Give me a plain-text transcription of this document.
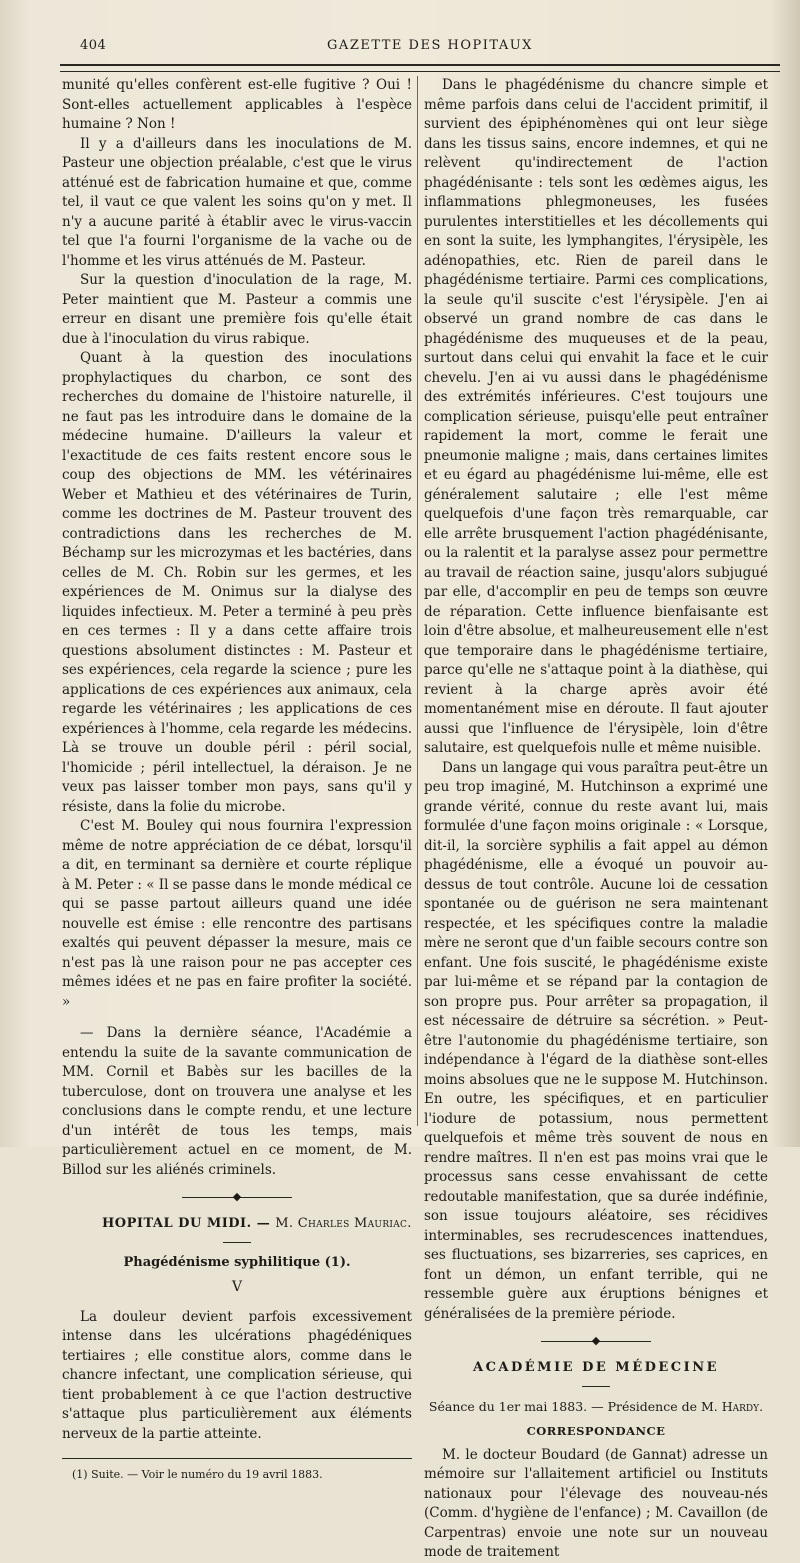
404	GAZETTE DES HOPITAUX

munité qu'elles confèrent est-elle fugitive ? Oui ! Sont-elles actuellement applicables à l'espèce humaine ? Non !

Il y a d'ailleurs dans les inoculations de M. Pasteur une objection préalable, c'est que le virus atténué est de fabrication humaine et que, comme tel, il vaut ce que valent les soins qu'on y met. Il n'y a aucune parité à établir avec le virus-vaccin tel que l'a fourni l'organisme de la vache ou de l'homme et les virus atténués de M. Pasteur.

Sur la question d'inoculation de la rage, M. Peter maintient que M. Pasteur a commis une erreur en disant une première fois qu'elle était due à l'inoculation du virus rabique.

Quant à la question des inoculations prophylactiques du charbon, ce sont des recherches du domaine de l'histoire naturelle, il ne faut pas les introduire dans le domaine de la médecine humaine. D'ailleurs la valeur et l'exactitude de ces faits restent encore sous le coup des objections de MM. les vétérinaires Weber et Mathieu et des vétérinaires de Turin, comme les doctrines de M. Pasteur trouvent des contradictions dans les recherches de M. Béchamp sur les microzymas et les bactéries, dans celles de M. Ch. Robin sur les germes, et les expériences de M. Onimus sur la dialyse des liquides infectieux. M. Peter a terminé à peu près en ces termes : Il y a dans cette affaire trois questions absolument distinctes : M. Pasteur et ses expériences, cela regarde la science ; pure les applications de ces expériences aux animaux, cela regarde les vétérinaires ; les applications de ces expériences à l'homme, cela regarde les médecins. Là se trouve un double péril : péril social, l'homicide ; péril intellectuel, la déraison. Je ne veux pas laisser tomber mon pays, sans qu'il y résiste, dans la folie du microbe.

C'est M. Bouley qui nous fournira l'expression même de notre appréciation de ce débat, lorsqu'il a dit, en terminant sa dernière et courte réplique à M. Peter : « Il se passe dans le monde médical ce qui se passe partout ailleurs quand une idée nouvelle est émise : elle rencontre des partisans exaltés qui peuvent dépasser la mesure, mais ce n'est pas là une raison pour ne pas accepter ces mêmes idées et ne pas en faire profiter la société. »

— Dans la dernière séance, l'Académie a entendu la suite de la savante communication de MM. Cornil et Babès sur les bacilles de la tuberculose, dont on trouvera une analyse et les conclusions dans le compte rendu, et une lecture d'un intérêt de tous les temps, mais particulièrement actuel en ce moment, de M. Billod sur les aliénés criminels.

◆
HOPITAL DU MIDI. — M. Charles Mauriac.
Phagédénisme syphilitique (1).
V

La douleur devient parfois excessivement intense dans les ulcérations phagédéniques tertiaires ; elle constitue alors, comme dans le chancre infectant, une complication sérieuse, qui tient probablement à ce que l'action destructive s'attaque plus particulièrement aux éléments nerveux de la partie atteinte.

(1) Suite. — Voir le numéro du 19 avril 1883.

Dans le phagédénisme du chancre simple et même parfois dans celui de l'accident primitif, il survient des épiphénomènes qui ont leur siège dans les tissus sains, encore indemnes, et qui ne relèvent qu'indirectement de l'action phagédénisante : tels sont les œdèmes aigus, les inflammations phlegmoneuses, les fusées purulentes interstitielles et les décollements qui en sont la suite, les lymphangites, l'érysipèle, les adénopathies, etc. Rien de pareil dans le phagédénisme tertiaire. Parmi ces complications, la seule qu'il suscite c'est l'érysipèle. J'en ai observé un grand nombre de cas dans le phagédénisme des muqueuses et de la peau, surtout dans celui qui envahit la face et le cuir chevelu. J'en ai vu aussi dans le phagédénisme des extrémités inférieures. C'est toujours une complication sérieuse, puisqu'elle peut entraîner rapidement la mort, comme le ferait une pneumonie maligne ; mais, dans certaines limites et eu égard au phagédénisme lui-même, elle est généralement salutaire ; elle l'est même quelquefois d'une façon très remarquable, car elle arrête brusquement l'action phagédénisante, ou la ralentit et la paralyse assez pour permettre au travail de réaction saine, jusqu'alors subjugué par elle, d'accomplir en peu de temps son œuvre de réparation. Cette influence bienfaisante est loin d'être absolue, et malheureusement elle n'est que temporaire dans le phagédénisme tertiaire, parce qu'elle ne s'attaque point à la diathèse, qui revient à la charge après avoir été momentanément mise en déroute. Il faut ajouter aussi que l'influence de l'érysipèle, loin d'être salutaire, est quelquefois nulle et même nuisible.

Dans un langage qui vous paraîtra peut-être un peu trop imaginé, M. Hutchinson a exprimé une grande vérité, connue du reste avant lui, mais formulée d'une façon moins originale : « Lorsque, dit-il, la sorcière syphilis a fait appel au démon phagédénisme, elle a évoqué un pouvoir au-dessus de tout contrôle. Aucune loi de cessation spontanée ou de guérison ne sera maintenant respectée, et les spécifiques contre la maladie mère ne seront que d'un faible secours contre son enfant. Une fois suscité, le phagédénisme existe par lui-même et se répand par la contagion de son propre pus. Pour arrêter sa propagation, il est nécessaire de détruire sa sécrétion. » Peut-être l'autonomie du phagédénisme tertiaire, son indépendance à l'égard de la diathèse sont-elles moins absolues que ne le suppose M. Hutchinson. En outre, les spécifiques, et en particulier l'iodure de potassium, nous permettent quelquefois et même très souvent de nous en rendre maîtres. Il n'en est pas moins vrai que le processus sans cesse envahissant de cette redoutable manifestation, que sa durée indéfinie, son issue toujours aléatoire, ses récidives interminables, ses recrudescences inattendues, ses fluctuations, ses bizarreries, ses caprices, en font un démon, un enfant terrible, qui ne ressemble guère aux éruptions bénignes et généralisées de la première période.

◆
ACADÉMIE DE MÉDECINE
Séance du 1er mai 1883. — Présidence de M. Hardy.
CORRESPONDANCE

M. le docteur Boudard (de Gannat) adresse un mémoire sur l'allaitement artificiel ou Instituts nationaux pour l'élevage des nouveau-nés (Comm. d'hygiène de l'enfance) ; M. Cavaillon (de Carpentras) envoie une note sur un nouveau mode de traitement
